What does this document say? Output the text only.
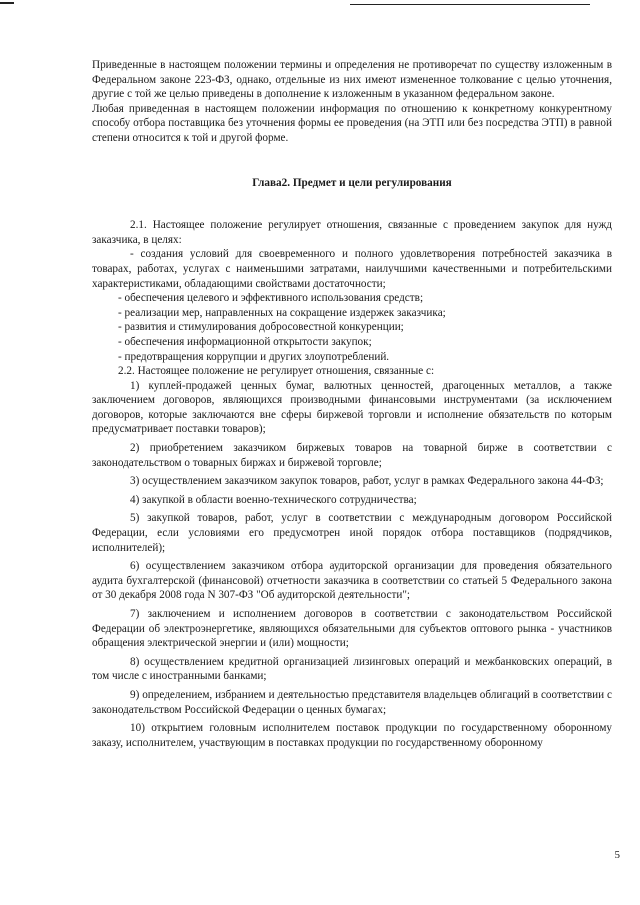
Приведенные в настоящем положении термины и определения не противоречат по существу изложенным в Федеральном законе 223-ФЗ, однако, отдельные из них имеют измененное толкование с целью уточнения, другие с той же целью приведены в дополнение к изложенным в указанном федеральном законе.

Любая приведенная в настоящем положении информация по отношению к конкретному конкурентному способу отбора поставщика без уточнения формы ее проведения (на ЭТП или без посредства ЭТП) в равной степени относится к той и другой форме.

Глава2. Предмет и цели регулирования

2.1. Настоящее положение регулирует отношения, связанные с проведением закупок для нужд заказчика, в целях:

- создания условий для своевременного и полного удовлетворения потребностей заказчика в товарах, работах, услугах с наименьшими затратами, наилучшими качественными и потребительскими характеристиками, обладающими свойствами достаточности;

- обеспечения целевого и эффективного использования средств;

- реализации мер, направленных на сокращение издержек заказчика;

- развития и стимулирования добросовестной конкуренции;

- обеспечения информационной открытости закупок;

- предотвращения коррупции и других злоупотреблений.

2.2. Настоящее положение не регулирует отношения, связанные с:

1) куплей-продажей ценных бумаг, валютных ценностей, драгоценных металлов, а также заключением договоров, являющихся производными финансовыми инструментами (за исключением договоров, которые заключаются вне сферы биржевой торговли и исполнение обязательств по которым предусматривает поставки товаров);

2) приобретением заказчиком биржевых товаров на товарной бирже в соответствии с законодательством о товарных биржах и биржевой торговле;

3) осуществлением заказчиком закупок товаров, работ, услуг в рамках Федерального закона 44-ФЗ;

4) закупкой в области военно-технического сотрудничества;

5) закупкой товаров, работ, услуг в соответствии с международным договором Российской Федерации, если условиями его предусмотрен иной порядок отбора поставщиков (подрядчиков, исполнителей);

6) осуществлением заказчиком отбора аудиторской организации для проведения обязательного аудита бухгалтерской (финансовой) отчетности заказчика в соответствии со статьей 5 Федерального закона от 30 декабря 2008 года N 307-ФЗ "Об аудиторской деятельности";

7) заключением и исполнением договоров в соответствии с законодательством Российской Федерации об электроэнергетике, являющихся обязательными для субъектов оптового рынка - участников обращения электрической энергии и (или) мощности;

8) осуществлением кредитной организацией лизинговых операций и межбанковских операций, в том числе с иностранными банками;

9) определением, избранием и деятельностью представителя владельцев облигаций в соответствии с законодательством Российской Федерации о ценных бумагах;

10) открытием головным исполнителем поставок продукции по государственному оборонному заказу, исполнителем, участвующим в поставках продукции по государственному оборонному

5
